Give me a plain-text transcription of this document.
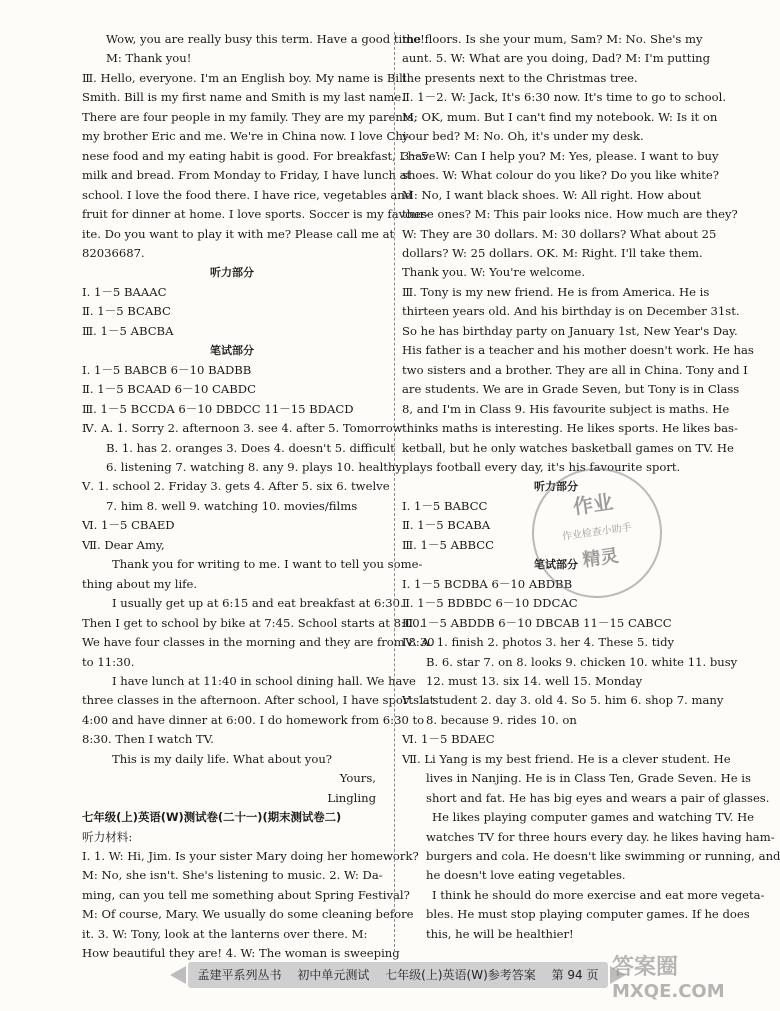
Wow, you are really busy this term. Have a good time!
M: Thank you!
Ⅲ. Hello, everyone. I'm an English boy. My name is Bill
Smith. Bill is my first name and Smith is my last name.
There are four people in my family. They are my parents,
my brother Eric and me. We're in China now. I love Chi-
nese food and my eating habit is good. For breakfast, I have
milk and bread. From Monday to Friday, I have lunch at
school. I love the food there. I have rice, vegetables and
fruit for dinner at home. I love sports. Soccer is my favour-
ite. Do you want to play it with me? Please call me at
82036687.
听力部分
Ⅰ. 1－5 BAAAC
Ⅱ. 1－5 BCABC
Ⅲ. 1－5 ABCBA
笔试部分
Ⅰ. 1－5 BABCB 6－10 BADBB
Ⅱ. 1－5 BCAAD 6－10 CABDC
Ⅲ. 1－5 BCCDA 6－10 DBDCC 11－15 BDACD
Ⅳ. A. 1. Sorry 2. afternoon 3. see 4. after 5. Tomorrow
B. 1. has 2. oranges 3. Does 4. doesn't 5. difficult
6. listening 7. watching 8. any 9. plays 10. healthy
Ⅴ. 1. school 2. Friday 3. gets 4. After 5. six 6. twelve
7. him 8. well 9. watching 10. movies/films
Ⅵ. 1－5 CBAED
Ⅶ. Dear Amy,
Thank you for writing to me. I want to tell you some-
thing about my life.
I usually get up at 6:15 and eat breakfast at 6:30.
Then I get to school by bike at 7:45. School starts at 8:00.
We have four classes in the morning and they are from 8:30
to 11:30.
I have lunch at 11:40 in school dining hall. We have
three classes in the afternoon. After school, I have sports at
4:00 and have dinner at 6:00. I do homework from 6:30 to
8:30. Then I watch TV.
This is my daily life. What about you?
Yours,
Lingling
七年级(上)英语(W)测试卷(二十一)(期末测试卷二)
听力材料:
Ⅰ. 1. W: Hi, Jim. Is your sister Mary doing her homework?
M: No, she isn't. She's listening to music. 2. W: Da-
ming, can you tell me something about Spring Festival?
M: Of course, Mary. We usually do some cleaning before
it. 3. W: Tony, look at the lanterns over there. M:
How beautiful they are! 4. W: The woman is sweeping
the floors. Is she your mum, Sam? M: No. She's my
aunt. 5. W: What are you doing, Dad? M: I'm putting
the presents next to the Christmas tree.
Ⅱ. 1－2. W: Jack, It's 6:30 now. It's time to go to school.
M: OK, mum. But I can't find my notebook. W: Is it on
your bed? M: No. Oh, it's under my desk.
3－5. W: Can I help you? M: Yes, please. I want to buy
shoes. W: What colour do you like? Do you like white?
M: No, I want black shoes. W: All right. How about
these ones? M: This pair looks nice. How much are they?
W: They are 30 dollars. M: 30 dollars? What about 25
dollars? W: 25 dollars. OK. M: Right. I'll take them.
Thank you. W: You're welcome.
Ⅲ. Tony is my new friend. He is from America. He is
thirteen years old. And his birthday is on December 31st.
So he has birthday party on January 1st, New Year's Day.
His father is a teacher and his mother doesn't work. He has
two sisters and a brother. They are all in China. Tony and I
are students. We are in Grade Seven, but Tony is in Class
8, and I'm in Class 9. His favourite subject is maths. He
thinks maths is interesting. He likes sports. He likes bas-
ketball, but he only watches basketball games on TV. He
plays football every day, it's his favourite sport.
听力部分
Ⅰ. 1－5 BABCC
Ⅱ. 1－5 BCABA
Ⅲ. 1－5 ABBCC
笔试部分
Ⅰ. 1－5 BCDBA 6－10 ABDBB
Ⅱ. 1－5 BDBDC 6－10 DDCAC
Ⅲ. 1－5 ABDDB 6－10 DBCAB 11－15 CABCC
Ⅳ. A. 1. finish 2. photos 3. her 4. These 5. tidy
B. 6. star 7. on 8. looks 9. chicken 10. white 11. busy
12. must 13. six 14. well 15. Monday
Ⅴ. 1. student 2. day 3. old 4. So 5. him 6. shop 7. many
8. because 9. rides 10. on
Ⅵ. 1－5 BDAEC
Ⅶ. Li Yang is my best friend. He is a clever student. He
lives in Nanjing. He is in Class Ten, Grade Seven. He is
short and fat. He has big eyes and wears a pair of glasses.
He likes playing computer games and watching TV. He
watches TV for three hours every day. he likes having ham-
burgers and cola. He doesn't like swimming or running, and
he doesn't love eating vegetables.
I think he should do more exercise and eat more vegeta-
bles. He must stop playing computer games. If he does
this, he will be healthier!
作业
作业检查小助手
精灵
孟建平系列丛书 初中单元测试 七年级(上)英语(W)参考答案 第 94 页 答案圈
MXQE.COM
